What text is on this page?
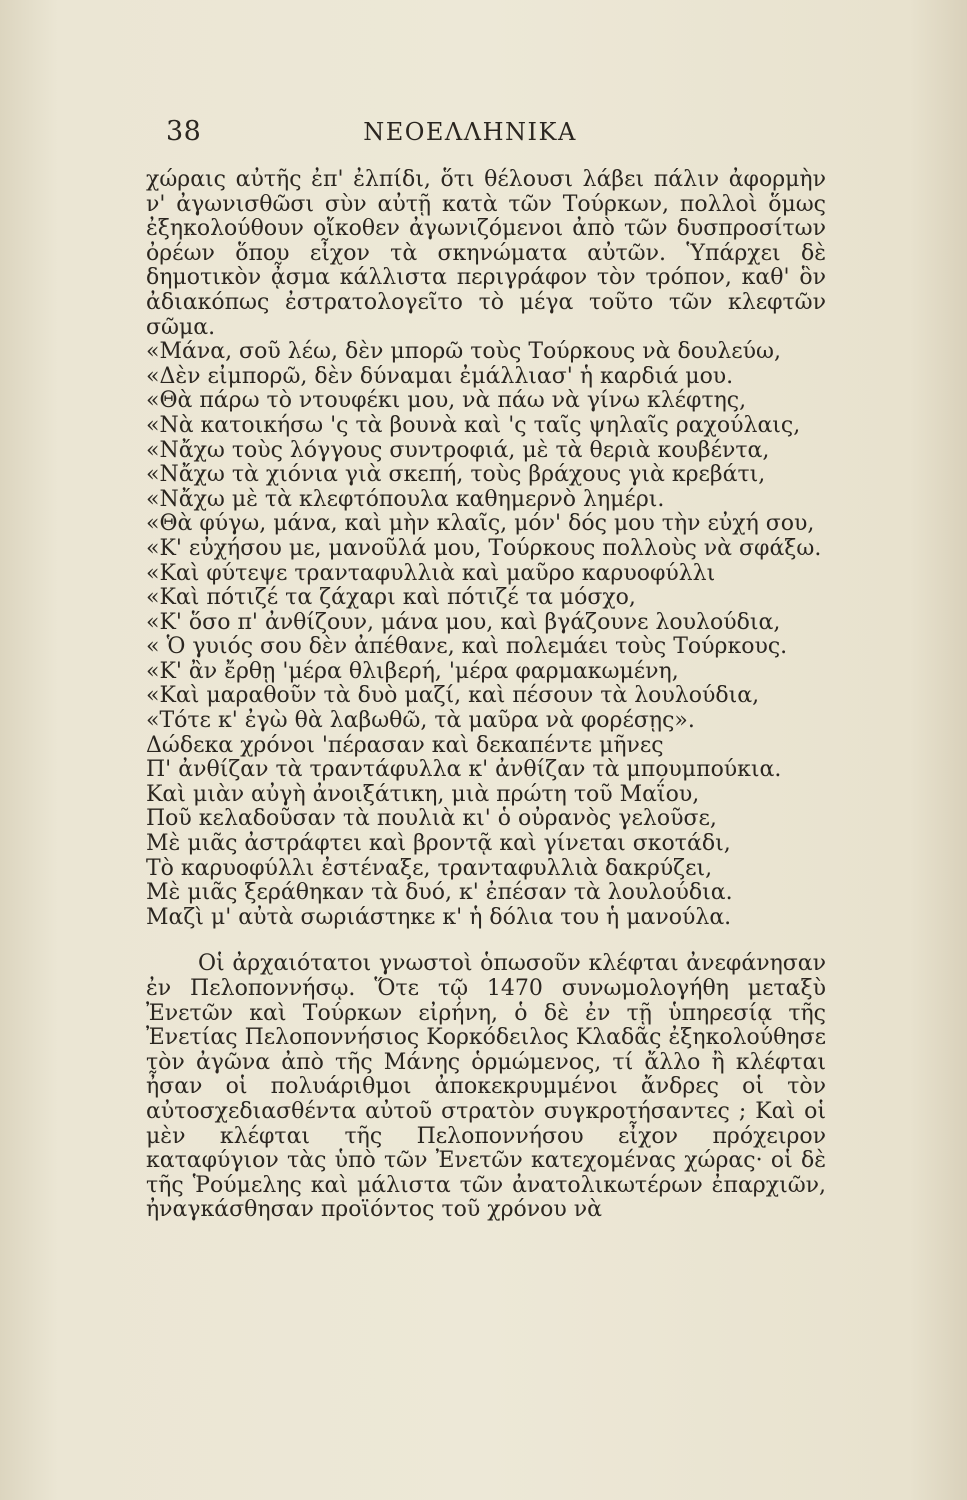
38	ΝΕΟΕΛΛΗΝΙΚΑ

χώραις αὐτῆς ἐπ' ἐλπίδι, ὅτι θέλουσι λάβει πάλιν ἀφορμὴν ν' ἀγωνισθῶσι σὺν αὐτῇ κατὰ τῶν Τούρκων, πολλοὶ ὅμως ἐξηκολούθουν οἴκοθεν ἀγωνιζόμενοι ἀπὸ τῶν δυσπροσίτων ὀρέων ὅπου εἶχον τὰ σκηνώματα αὐτῶν. Ὑπάρχει δὲ δημοτικὸν ᾆσμα κάλλιστα περιγράφον τὸν τρόπον, καθ' ὃν ἀδιακόπως ἐστρατολογεῖτο τὸ μέγα τοῦτο τῶν κλεφτῶν σῶμα.

«Μάνα, σοῦ λέω, δὲν μπορῶ τοὺς Τούρκους νὰ δουλεύω,
«Δὲν εἰμπορῶ, δὲν δύναμαι ἐμάλλιασ' ἡ καρδιά μου.
«Θὰ πάρω τὸ ντουφέκι μου, νὰ πάω νὰ γίνω κλέφτης,
«Νὰ κατοικήσω 'ς τὰ βουνὰ καὶ 'ς ταῖς ψηλαῖς ραχούλαις,
«Νἄχω τοὺς λόγγους συντροφιά, μὲ τὰ θεριὰ κουβέντα,
«Νἄχω τὰ χιόνια γιὰ σκεπή, τοὺς βράχους γιὰ κρεβάτι,
«Νἄχω μὲ τὰ κλεφτόπουλα καθημερνὸ λημέρι.
«Θὰ φύγω, μάνα, καὶ μὴν κλαῖς, μόν' δός μου τὴν εὐχή σου,
«Κ' εὐχήσου με, μανοῦλά μου, Τούρκους πολλοὺς νὰ σφάξω.
«Καὶ φύτεψε τρανταφυλλιὰ καὶ μαῦρο καρυοφύλλι
«Καὶ πότιζέ τα ζάχαρι καὶ πότιζέ τα μόσχο,
«Κ' ὅσο π' ἀνθίζουν, μάνα μου, καὶ βγάζουνε λουλούδια,
« Ὁ γυιός σου δὲν ἀπέθανε, καὶ πολεμάει τοὺς Τούρκους.
«Κ' ἂν ἔρθῃ 'μέρα θλιβερή, 'μέρα φαρμακωμένη,
«Καὶ μαραθοῦν τὰ δυὸ μαζί, καὶ πέσουν τὰ λουλούδια,
«Τότε κ' ἐγὼ θὰ λαβωθῶ, τὰ μαῦρα νὰ φορέσῃς».
Δώδεκα χρόνοι 'πέρασαν καὶ δεκαπέντε μῆνες
Π' ἀνθίζαν τὰ τραντάφυλλα κ' ἀνθίζαν τὰ μπουμπούκια.
Καὶ μιὰν αὐγὴ ἀνοιξάτικη, μιὰ πρώτη τοῦ Μαΐου,
Ποῦ κελαδοῦσαν τὰ πουλιὰ κι' ὁ οὐρανὸς γελοῦσε,
Μὲ μιᾶς ἀστράφτει καὶ βροντᾷ καὶ γίνεται σκοτάδι,
Τὸ καρυοφύλλι ἐστέναξε, τρανταφυλλιὰ δακρύζει,
Μὲ μιᾶς ξεράθηκαν τὰ δυό, κ' ἐπέσαν τὰ λουλούδια.
Μαζὶ μ' αὐτὰ σωριάστηκε κ' ἡ δόλια του ἡ μανούλα.

Οἱ ἀρχαιότατοι γνωστοὶ ὁπωσοῦν κλέφται ἀνεφάνησαν ἐν Πελοποννήσῳ. Ὅτε τῷ 1470 συνωμολογήθη μεταξὺ Ἐνετῶν καὶ Τούρκων εἰρήνη, ὁ δὲ ἐν τῇ ὑπηρεσίᾳ τῆς Ἐνετίας Πελοποννήσιος Κορκόδειλος Κλαδᾶς ἐξηκολούθησε τὸν ἀγῶνα ἀπὸ τῆς Μάνης ὁρμώμενος, τί ἄλλο ἢ κλέφται ἦσαν οἱ πολυάριθμοι ἀποκεκρυμμένοι ἄνδρες οἱ τὸν αὐτοσχεδιασθέντα αὐτοῦ στρατὸν συγκροτήσαντες ; Καὶ οἱ μὲν κλέφται τῆς Πελοποννήσου εἶχον πρόχειρον καταφύγιον τὰς ὑπὸ τῶν Ἐνετῶν κατεχομένας χώρας· οἱ δὲ τῆς Ῥούμελης καὶ μάλιστα τῶν ἀνατολικωτέρων ἐπαρχιῶν, ἠναγκάσθησαν προϊόντος τοῦ χρόνου νὰ
